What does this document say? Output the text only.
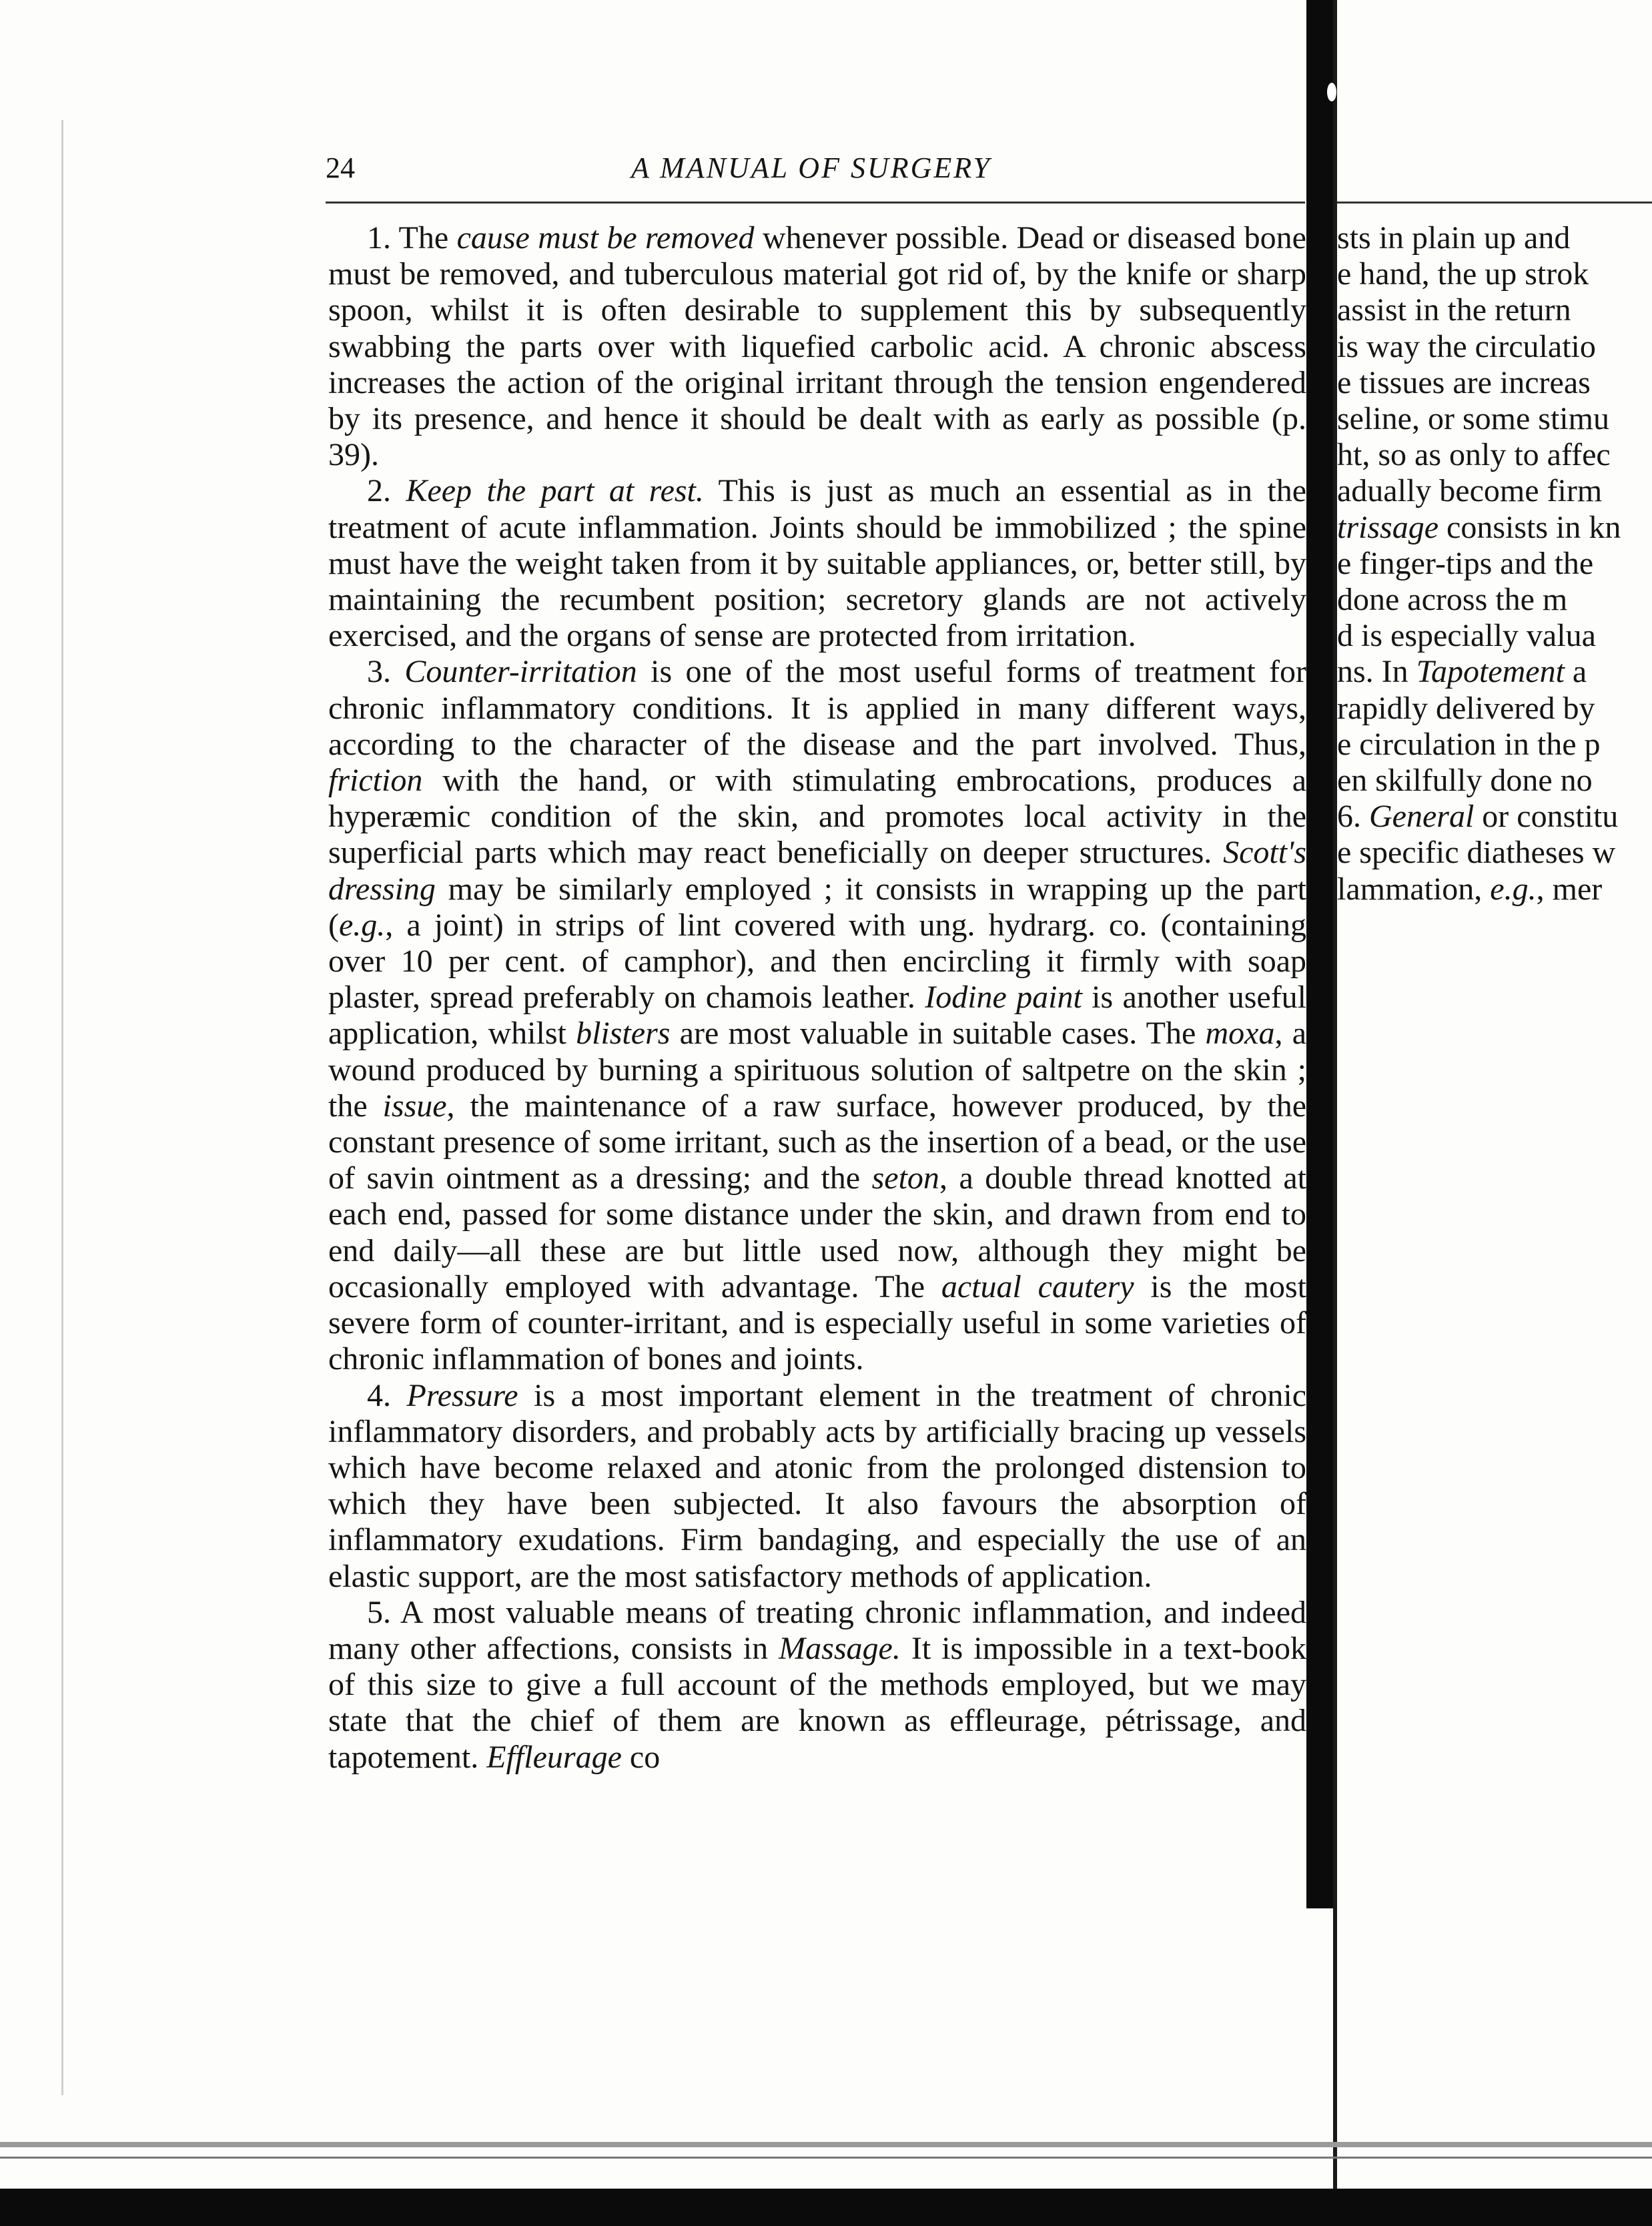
24	A MANUAL OF SURGERY

1. The cause must be removed whenever possible. Dead or diseased bone must be removed, and tuberculous material got rid of, by the knife or sharp spoon, whilst it is often desirable to supplement this by subsequently swabbing the parts over with liquefied carbolic acid. A chronic abscess increases the action of the original irritant through the tension engendered by its presence, and hence it should be dealt with as early as possible (p. 39).

2. Keep the part at rest. This is just as much an essential as in the treatment of acute inflammation. Joints should be immobilized ; the spine must have the weight taken from it by suitable appliances, or, better still, by maintaining the recumbent position; secretory glands are not actively exercised, and the organs of sense are protected from irritation.

3. Counter-irritation is one of the most useful forms of treatment for chronic inflammatory conditions. It is applied in many different ways, according to the character of the disease and the part involved. Thus, friction with the hand, or with stimulating embrocations, produces a hyperæmic condition of the skin, and promotes local activity in the superficial parts which may react beneficially on deeper structures. Scott's dressing may be similarly employed ; it consists in wrapping up the part (e.g., a joint) in strips of lint covered with ung. hydrarg. co. (containing over 10 per cent. of camphor), and then encircling it firmly with soap plaster, spread preferably on chamois leather. Iodine paint is another useful application, whilst blisters are most valuable in suitable cases. The moxa, a wound produced by burning a spirituous solution of saltpetre on the skin ; the issue, the maintenance of a raw surface, however produced, by the constant presence of some irritant, such as the insertion of a bead, or the use of savin ointment as a dressing; and the seton, a double thread knotted at each end, passed for some distance under the skin, and drawn from end to end daily—all these are but little used now, although they might be occasionally employed with advantage. The actual cautery is the most severe form of counter-irritant, and is especially useful in some varieties of chronic inflammation of bones and joints.

4. Pressure is a most important element in the treatment of chronic inflammatory disorders, and probably acts by artificially bracing up vessels which have become relaxed and atonic from the prolonged distension to which they have been subjected. It also favours the absorption of inflammatory exudations. Firm bandaging, and especially the use of an elastic support, are the most satisfactory methods of application.

5. A most valuable means of treating chronic inflammation, and indeed many other affections, consists in Massage. It is impossible in a text-book of this size to give a full account of the methods employed, but we may state that the chief of them are known as effleurage, pétrissage, and tapotement. Effleurage co

sts in plain up and
e hand, the up strok
assist in the return
is way the circulatio
e tissues are increas
seline, or some stimu
ht, so as only to affec
adually become firm
trissage consists in kn
e finger-tips and the
done across the m
d is especially valua
ns. In Tapotement a
rapidly delivered by
e circulation in the p
en skilfully done no
6. General or constitu
e specific diatheses w
lammation, e.g., mer
